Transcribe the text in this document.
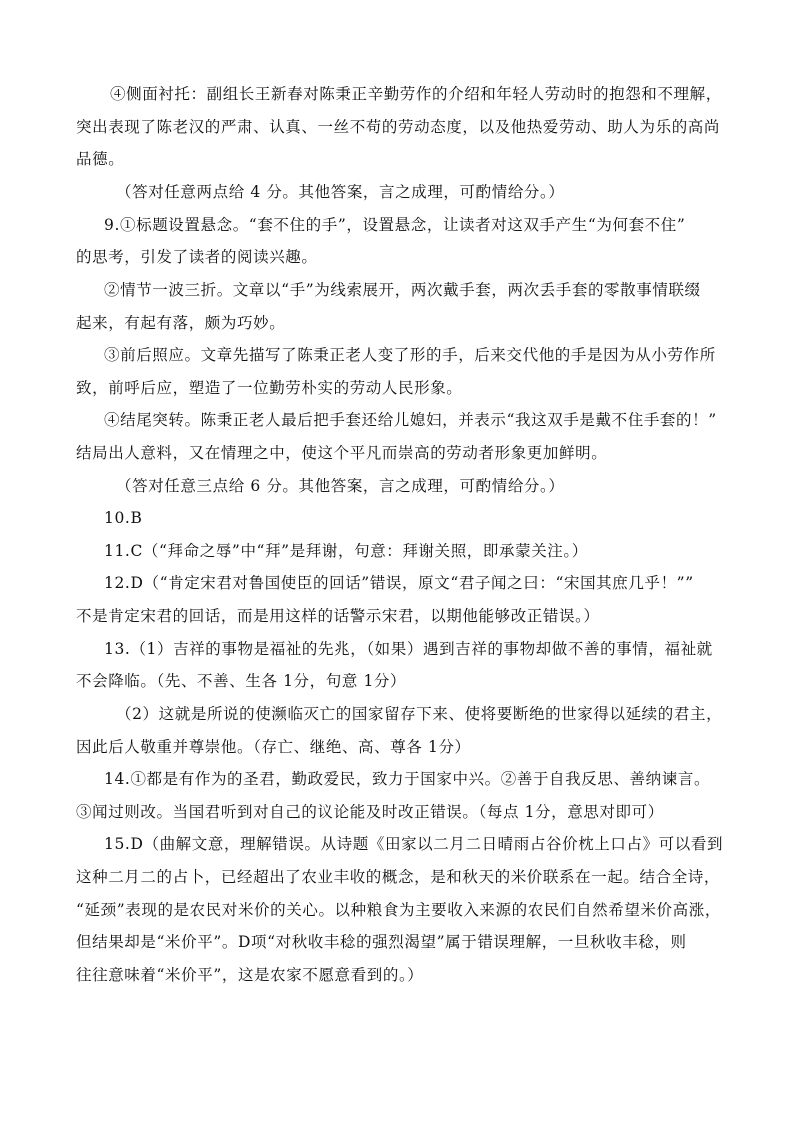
④侧面衬托：副组长王新春对陈秉正辛勤劳作的介绍和年轻人劳动时的抱怨和不理解，
突出表现了陈老汉的严肃、认真、一丝不苟的劳动态度，以及他热爱劳动、助人为乐的高尚
品德。
（答对任意两点给 4 分。其他答案，言之成理，可酌情给分。）
9.①标题设置悬念。“套不住的手”，设置悬念，让读者对这双手产生“为何套不住”
的思考，引发了读者的阅读兴趣。
②情节一波三折。文章以“手”为线索展开，两次戴手套，两次丢手套的零散事情联缀
起来，有起有落，颇为巧妙。
③前后照应。文章先描写了陈秉正老人变了形的手，后来交代他的手是因为从小劳作所
致，前呼后应，塑造了一位勤劳朴实的劳动人民形象。
④结尾突转。陈秉正老人最后把手套还给儿媳妇，并表示“我这双手是戴不住手套的！”
结局出人意料，又在情理之中，使这个平凡而崇高的劳动者形象更加鲜明。
（答对任意三点给 6 分。其他答案，言之成理，可酌情给分。）
10.B
11.C（“拜命之辱”中“拜”是拜谢，句意：拜谢关照，即承蒙关注。）
12.D（“肯定宋君对鲁国使臣的回话”错误，原文“君子闻之曰：“宋国其庶几乎！””
不是肯定宋君的回话，而是用这样的话警示宋君，以期他能够改正错误。）
13.（1）吉祥的事物是福祉的先兆，（如果）遇到吉祥的事物却做不善的事情，福祉就
不会降临。（先、不善、生各 1分，句意 1分）
（2）这就是所说的使濒临灭亡的国家留存下来、使将要断绝的世家得以延续的君主，
因此后人敬重并尊崇他。（存亡、继绝、高、尊各 1分）
14.①都是有作为的圣君，勤政爱民，致力于国家中兴。②善于自我反思、善纳谏言。
③闻过则改。当国君听到对自己的议论能及时改正错误。（每点 1分，意思对即可）
15.D（曲解文意，理解错误。从诗题《田家以二月二日晴雨占谷价枕上口占》可以看到
这种二月二的占卜，已经超出了农业丰收的概念，是和秋天的米价联系在一起。结合全诗，
“延颈”表现的是农民对米价的关心。以种粮食为主要收入来源的农民们自然希望米价高涨，
但结果却是“米价平”。D项“对秋收丰稔的强烈渴望”属于错误理解，一旦秋收丰稔，则
往往意味着“米价平”，这是农家不愿意看到的。）
